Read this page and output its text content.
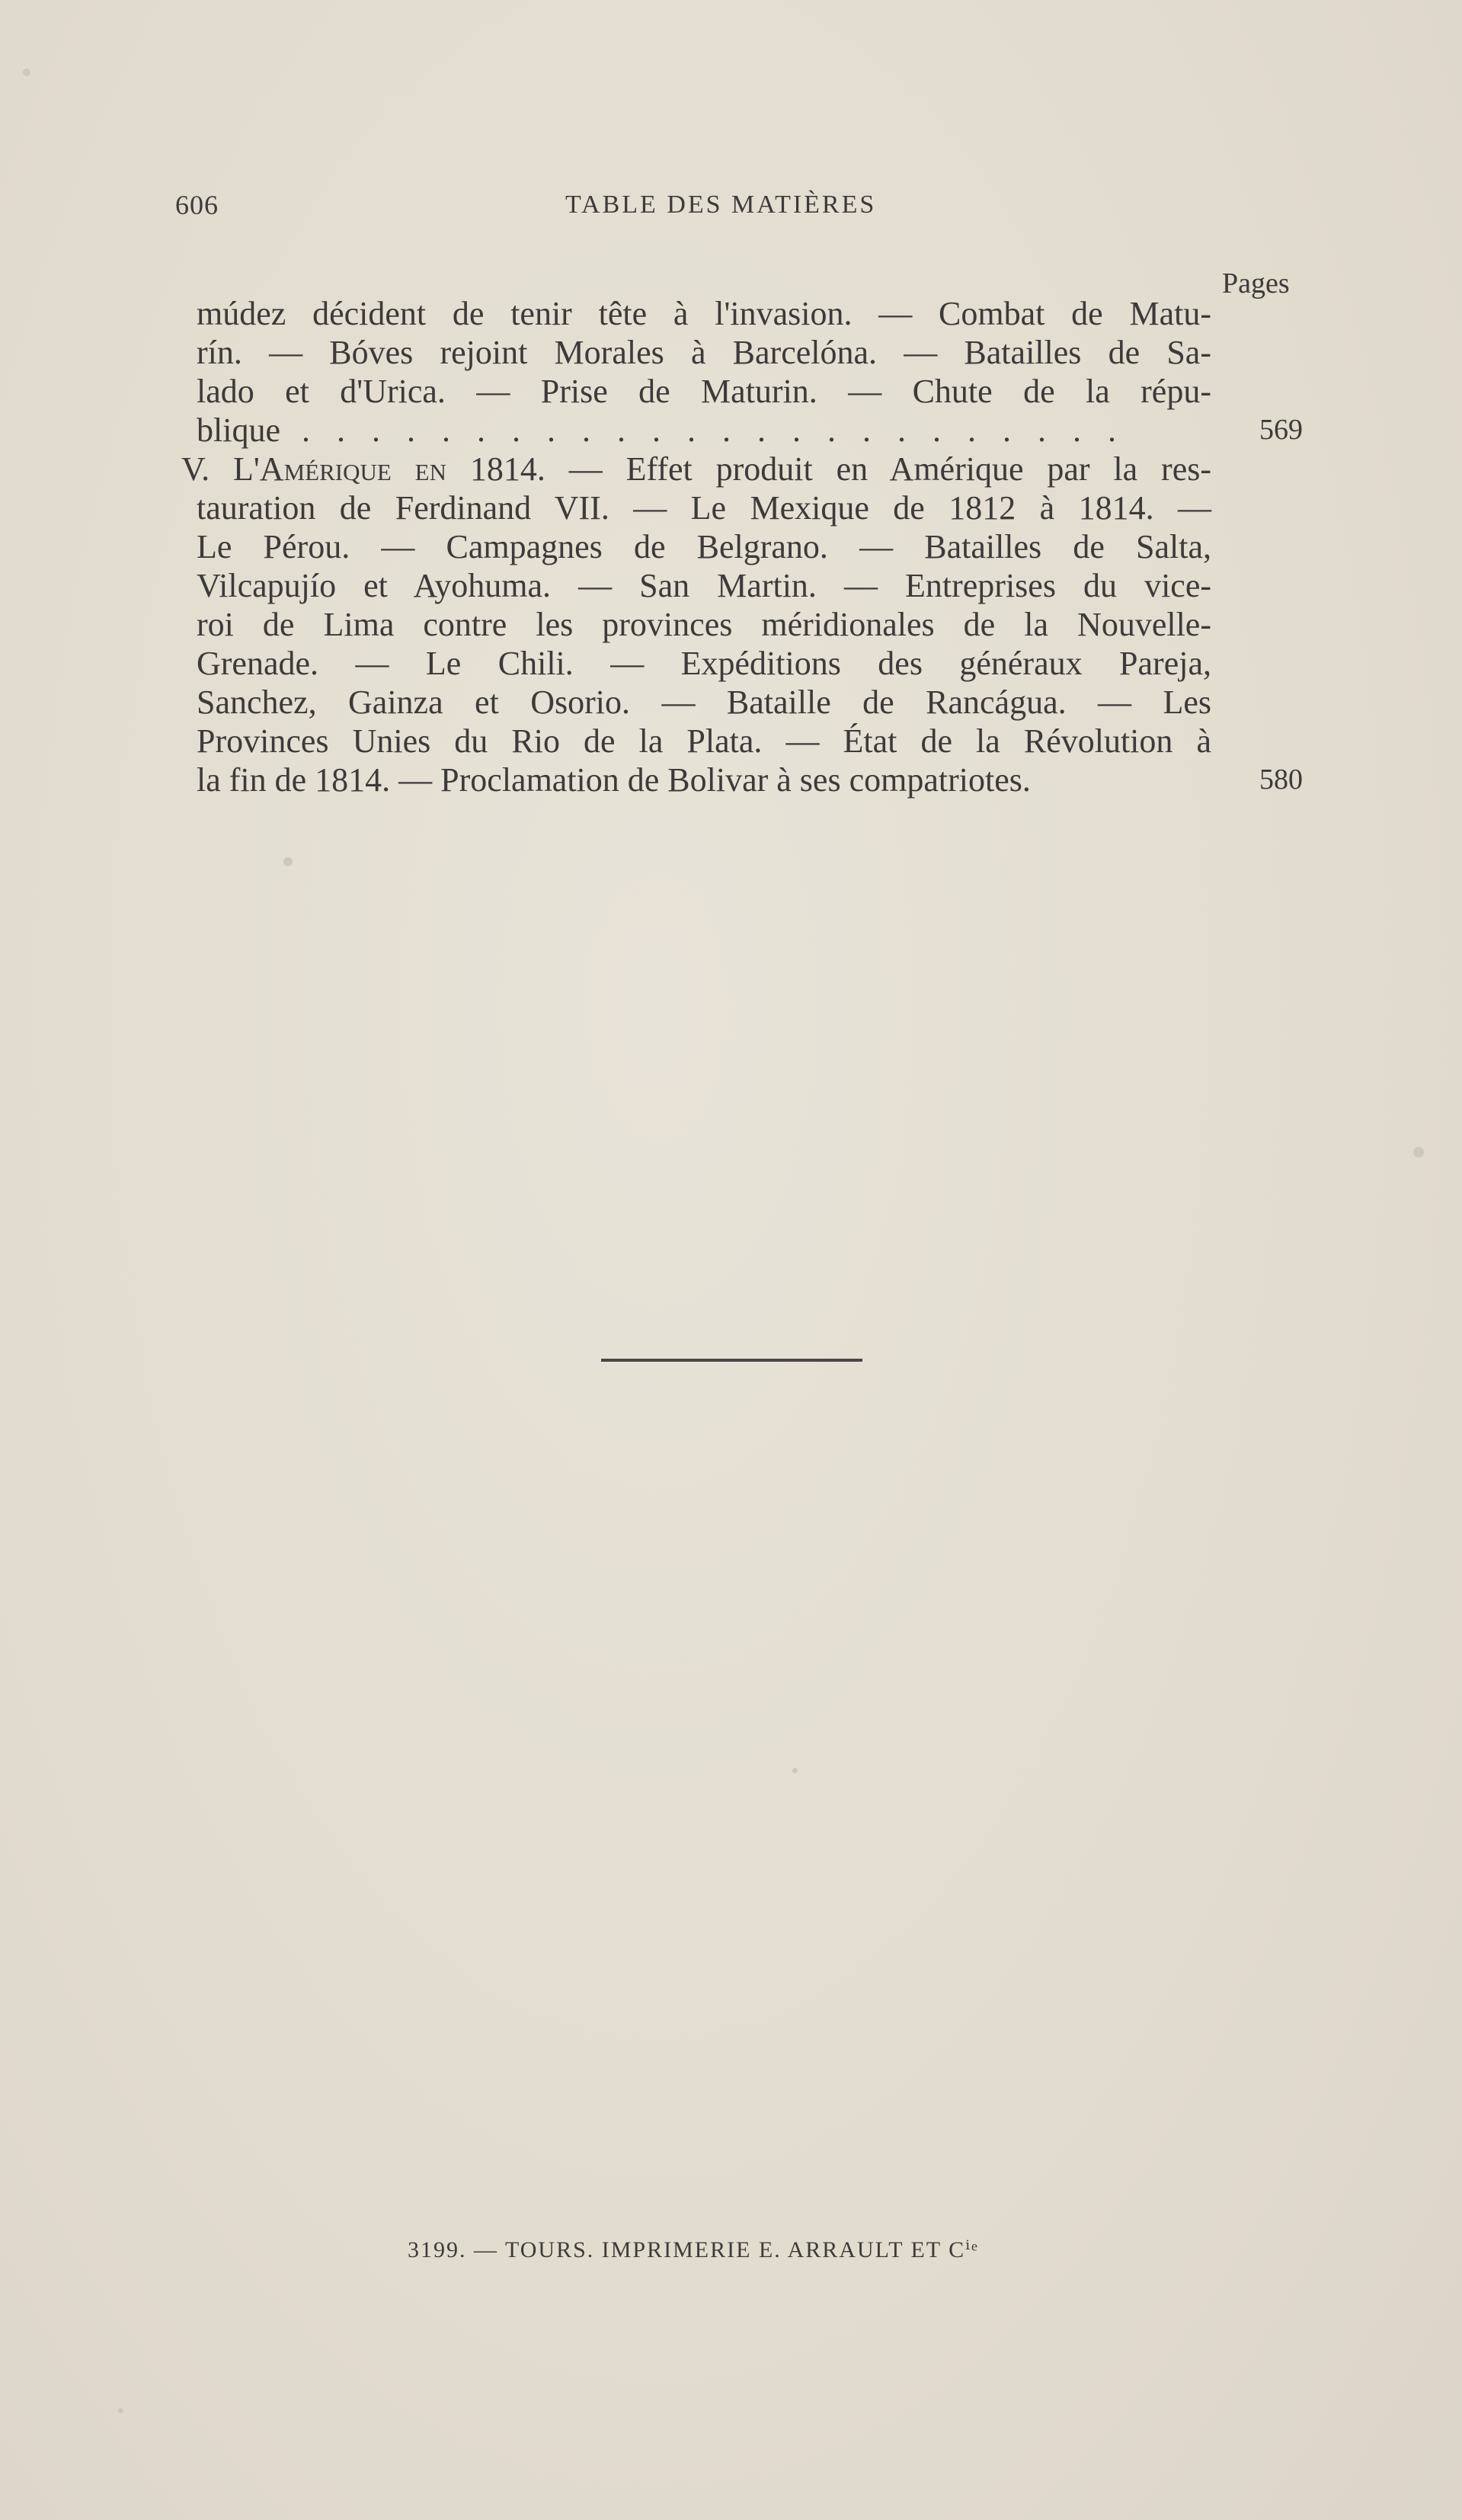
606	TABLE DES MATIÈRES
Pages
múdez décident de tenir tête à l'invasion. — Combat de Matu-
rín. — Bóves rejoint Morales à Barcelóna. — Batailles de Sa-
lado et d'Urica. — Prise de Maturin. — Chute de la répu-
blique . . . . . . . . . . . . . . . . . . . . . . . .	569
V. L'Amérique en 1814. — Effet produit en Amérique par la res-
tauration de Ferdinand VII. — Le Mexique de 1812 à 1814. —
Le Pérou. — Campagnes de Belgrano. — Batailles de Salta,
Vilcapujío et Ayohuma. — San Martin. — Entreprises du vice-
roi de Lima contre les provinces méridionales de la Nouvelle-
Grenade. — Le Chili. — Expéditions des généraux Pareja,
Sanchez, Gainza et Osorio. — Bataille de Rancágua. — Les
Provinces Unies du Rio de la Plata. — État de la Révolution à
la fin de 1814. — Proclamation de Bolivar à ses compatriotes.	580
3199. — TOURS. IMPRIMERIE E. ARRAULT ET Cⁱᵉ
